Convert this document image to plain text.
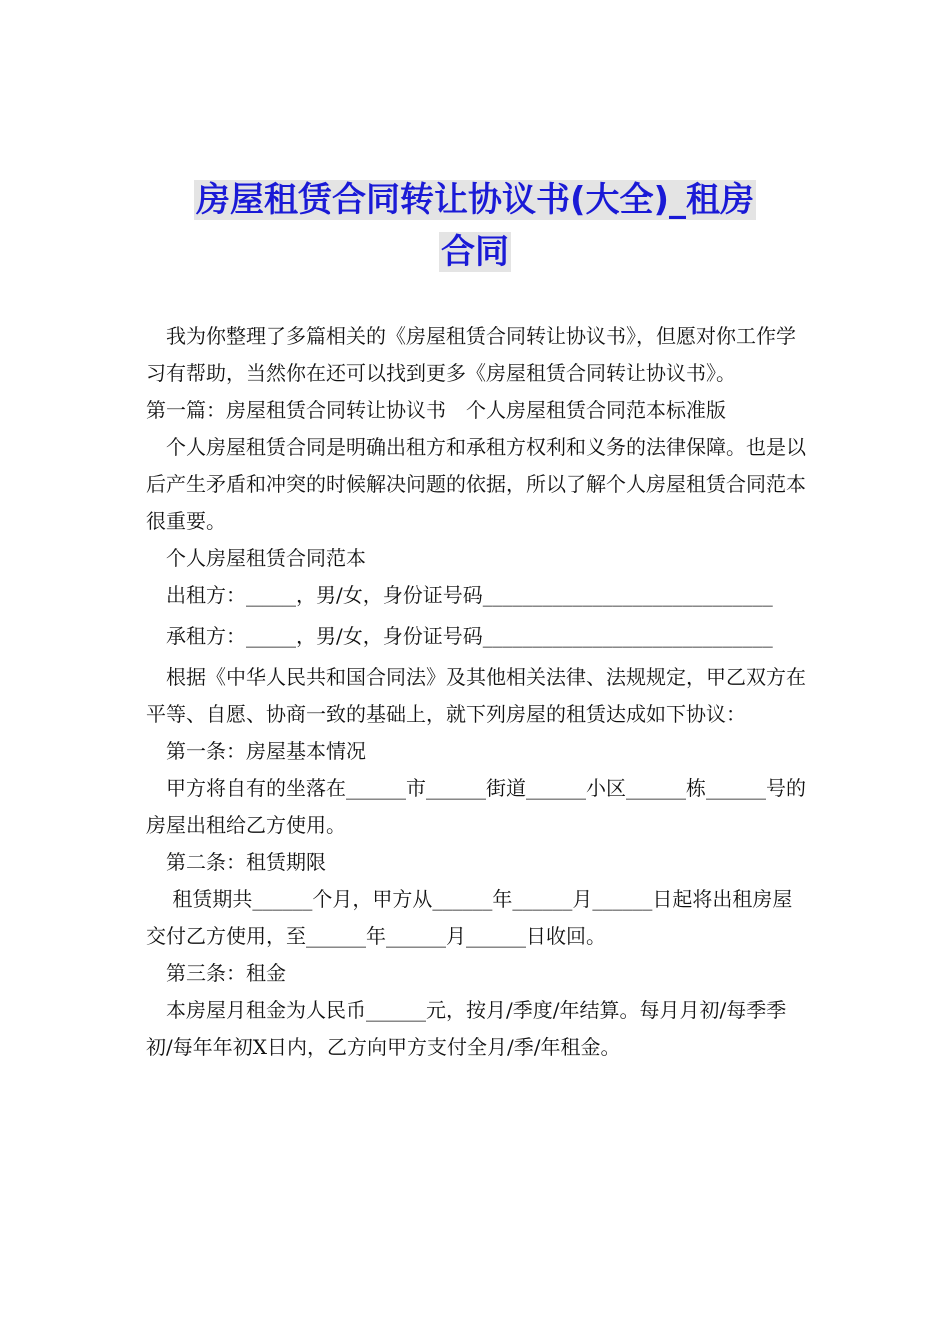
房屋租赁合同转让协议书(大全)_租房
合同

我为你整理了多篇相关的《房屋租赁合同转让协议书》，但愿对你工作学习有帮助，当然你在还可以找到更多《房屋租赁合同转让协议书》。

第一篇：房屋租赁合同转让协议书　个人房屋租赁合同范本标准版

个人房屋租赁合同是明确出租方和承租方权利和义务的法律保障。也是以后产生矛盾和冲突的时候解决问题的依据，所以了解个人房屋租赁合同范本很重要。

个人房屋租赁合同范本

出租方：_____，男/女，身份证号码_____________________________

承租方：_____，男/女，身份证号码_____________________________

根据《中华人民共和国合同法》及其他相关法律、法规规定，甲乙双方在平等、自愿、协商一致的基础上，就下列房屋的租赁达成如下协议：

第一条：房屋基本情况

甲方将自有的坐落在______市______街道______小区______栋______号的房屋出租给乙方使用。

第二条：租赁期限

租赁期共______个月，甲方从______年______月______日起将出租房屋交付乙方使用，至______年______月______日收回。

第三条：租金

本房屋月租金为人民币______元，按月/季度/年结算。每月月初/每季季初/每年年初X日内，乙方向甲方支付全月/季/年租金。
